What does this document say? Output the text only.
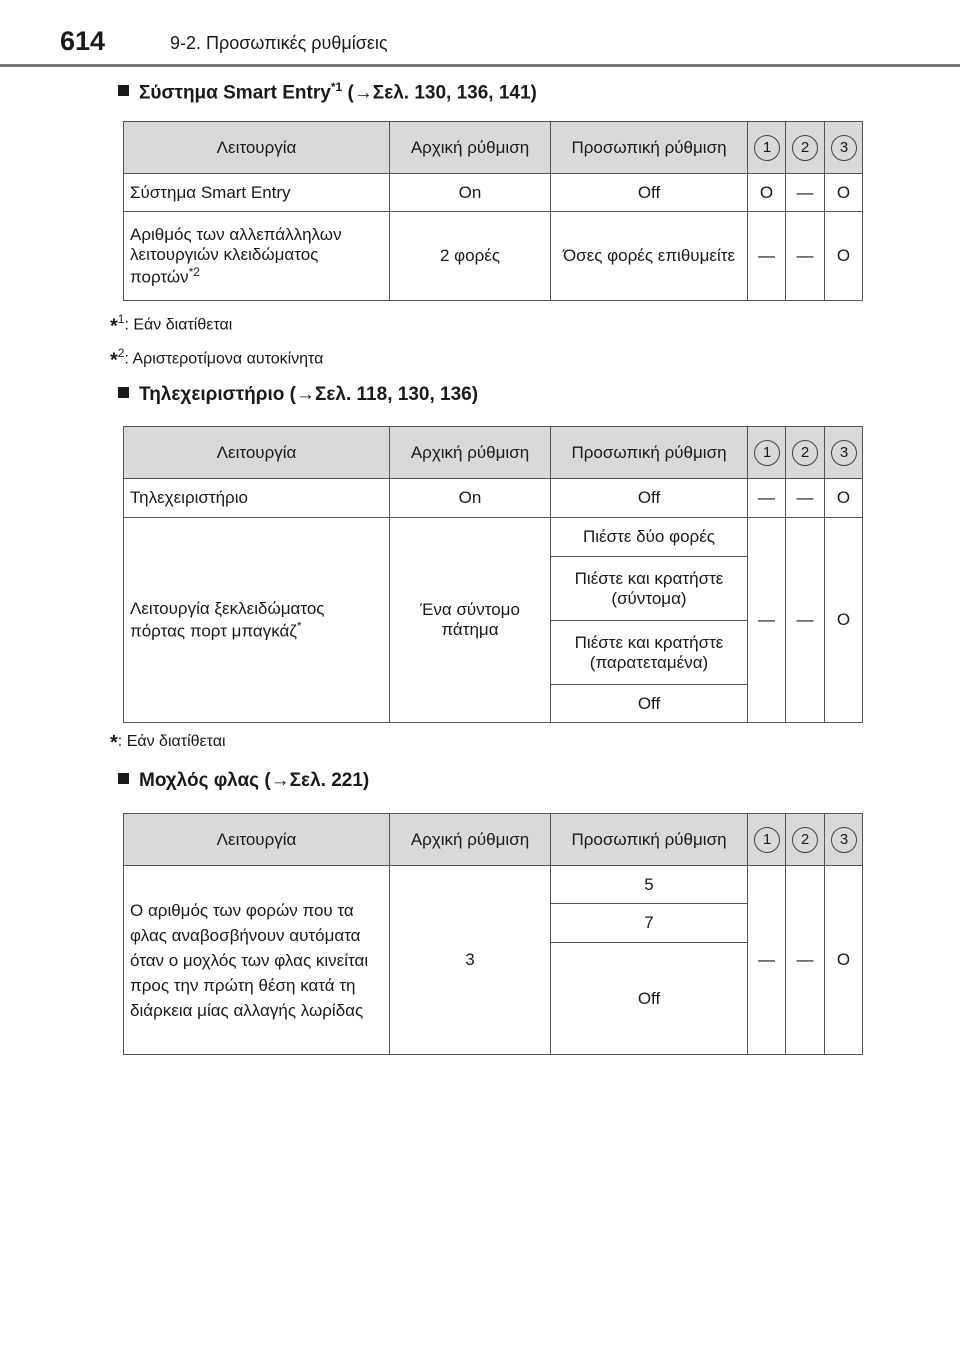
614	9-2. Προσωπικές ρυθμίσεις
Σύστημα Smart Entry$^{*1}$ (→Σελ. 130, 136, 141)
Λειτουργία	Αρχική ρύθμιση	Προσωπική ρύθμιση	1	2	3
Σύστημα Smart Entry	On	Off	O	—	O
Αριθμός των αλλεπάλληλων λειτουργιών κλειδώματος πορτών$^{*2}$	2 φορές	Όσες φορές επιθυμείτε	—	—	O
*$^1$: Εάν διατίθεται
*$^2$: Αριστεροτίμονα αυτοκίνητα
Τηλεχειριστήριο (→Σελ. 118, 130, 136)
Λειτουργία	Αρχική ρύθμιση	Προσωπική ρύθμιση	1	2	3
Τηλεχειριστήριο	On	Off	—	—	O
Λειτουργία ξεκλειδώματος πόρτας πορτ μπαγκάζ*	Ένα σύντομο πάτημα	Πιέστε δύο φορές	—	—	O
		Πιέστε και κρατήστε (σύντομα)			
		Πιέστε και κρατήστε (παρατεταμένα)			
		Off			
*: Εάν διατίθεται
Μοχλός φλας (→Σελ. 221)
Λειτουργία	Αρχική ρύθμιση	Προσωπική ρύθμιση	1	2	3
Ο αριθμός των φορών που τα φλας αναβοσβήνουν αυτόματα όταν ο μοχλός των φλας κινείται προς την πρώτη θέση κατά τη διάρκεια μίας αλλαγής λωρίδας	3	5	—	—	O
		7			
		Off			
